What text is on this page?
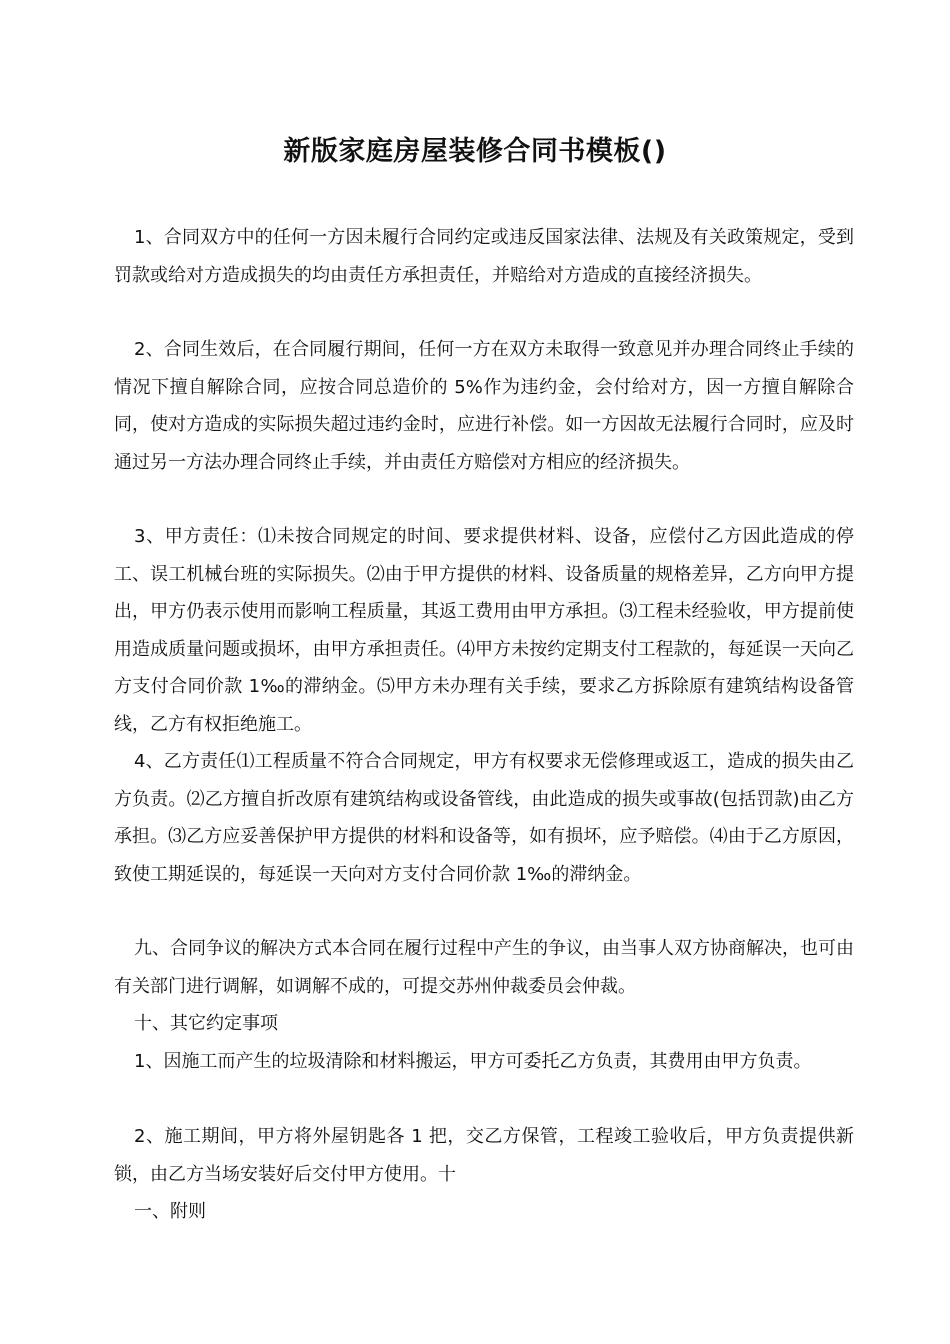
新版家庭房屋装修合同书模板()

1、合同双方中的任何一方因未履行合同约定或违反国家法律、法规及有关政策规定，受到罚款或给对方造成损失的均由责任方承担责任，并赔给对方造成的直接经济损失。

2、合同生效后，在合同履行期间，任何一方在双方未取得一致意见并办理合同终止手续的情况下擅自解除合同，应按合同总造价的 5%作为违约金，会付给对方，因一方擅自解除合同，使对方造成的实际损失超过违约金时，应进行补偿。如一方因故无法履行合同时，应及时通过另一方法办理合同终止手续，并由责任方赔偿对方相应的经济损失。

3、甲方责任：⑴未按合同规定的时间、要求提供材料、设备，应偿付乙方因此造成的停工、误工机械台班的实际损失。⑵由于甲方提供的材料、设备质量的规格差异，乙方向甲方提出，甲方仍表示使用而影响工程质量，其返工费用由甲方承担。⑶工程未经验收，甲方提前使用造成质量问题或损坏，由甲方承担责任。⑷甲方未按约定期支付工程款的，每延误一天向乙方支付合同价款 1‰的滞纳金。⑸甲方未办理有关手续，要求乙方拆除原有建筑结构设备管线，乙方有权拒绝施工。

4、乙方责任⑴工程质量不符合合同规定，甲方有权要求无偿修理或返工，造成的损失由乙方负责。⑵乙方擅自折改原有建筑结构或设备管线，由此造成的损失或事故(包括罚款)由乙方承担。⑶乙方应妥善保护甲方提供的材料和设备等，如有损坏，应予赔偿。⑷由于乙方原因，致使工期延误的，每延误一天向对方支付合同价款 1‰的滞纳金。

九、合同争议的解决方式本合同在履行过程中产生的争议，由当事人双方协商解决，也可由有关部门进行调解，如调解不成的，可提交苏州仲裁委员会仲裁。

十、其它约定事项

1、因施工而产生的垃圾清除和材料搬运，甲方可委托乙方负责，其费用由甲方负责。

2、施工期间，甲方将外屋钥匙各 1 把，交乙方保管，工程竣工验收后，甲方负责提供新锁，由乙方当场安装好后交付甲方使用。十

一、附则
